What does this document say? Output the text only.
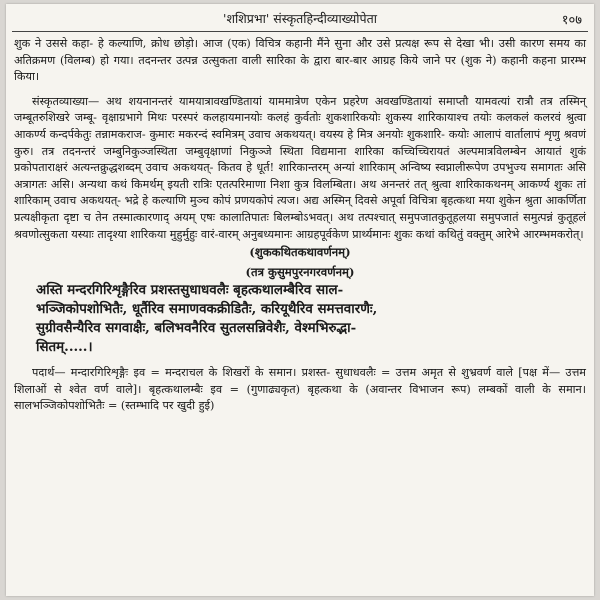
'शशिप्रभा' संस्कृतहिन्दीव्याख्योपेता	१०७

शुक ने उससे कहा- हे कल्याणि, क्रोध छोड़ो। आज (एक) विचित्र कहानी मैंने सुना और उसे प्रत्यक्ष रूप से देखा भी। उसी कारण समय का अतिक्रमण (विलम्ब) हो गया। तदनन्तर उत्पन्न उत्सुकता वाली सारिका के द्वारा बार-बार आग्रह किये जाने पर (शुक ने) कहानी कहना प्रारम्भ किया।

संस्कृतव्याख्या— अथ शयनानन्तरं यामयात्रावखण्डितायां याममात्रेण एकेन प्रहरेण अवखण्डितायां समाप्तौ यामवत्यां रात्रौ तत्र तस्मिन् जम्बूतरुशिखरे जम्बू- वृक्षाग्रभागे मिथः परस्परं कलहायमानयोः कलहं कुर्वतोः शुकशारिकयोः शुकस्य शारिकायाश्च तयोः कलकलं कलरवं श्रुत्वा आकर्ण्य कन्दर्पकेतुः तन्नामकराज- कुमारः मकरन्दं स्वमित्रम् उवाच अकथयत्। वयस्य हे मित्र अनयोः शुकशारि- कयोः आलापं वार्तालापं शृणु श्रवणं कुरु। तत्र तदनन्तरं जम्बुनिकुञ्जस्थिता जम्बुवृक्षाणां निकुञ्जे स्थिता विद्यमाना शारिका कच्चिच्चिरायतं अल्पमात्रविलम्बेन आयातं शुकं प्रकोपताराक्षरं अत्यन्तक्रुद्धशब्दम् उवाच अकथयत्- कितव हे धूर्त! शारिकान्तरम् अन्यां शारिकाम् अन्विष्य स्वप्नालीरूपेण उपभुज्य समागतः असि अत्रागतः असि। अन्यथा कथं किमर्थम् इयती रात्रिः एतत्परिमाणा निशा कुत्र विलम्बिता। अथ अनन्तरं तत् श्रुत्वा शारिकाकथनम् आकर्ण्य शुकः तां शारिकाम् उवाच अकथयत्- भद्रे हे कल्याणि मुञ्च कोपं प्रणयकोपं त्यज। अद्य अस्मिन् दिवसे अपूर्वा विचित्रा बृहत्कथा मया शुकेन श्रुता आकर्णिता प्रत्यक्षीकृता दृष्टा च तेन तस्मात्कारणाद् अयम् एषः कालातिपातः बिलम्बोऽभवत्। अथ तत्पश्चात् समुपजातकुतूहलया समुपजातं समुत्पन्नं कुतूहलं श्रवणोत्सुकता यस्याः तादृश्या शारिकया मुहुर्मुहुः वारं-वारम् अनुबध्यमानः आग्रहपूर्वकेण प्रार्थ्यमानः शुकः कथां कथितुं वक्तुम् आरेभे आरम्भमकरोत्।

(शुककथितकथावर्णनम्)

(तत्र कुसुमपुरनगरवर्णनम्)

अस्ति मन्दरगिरिशृङ्गैरिव प्रशस्तसुधाधवलैः बृहत्कथालम्बैरिव साल-
भञ्जिकोपशोभितैः, धूर्तैरिव समाणवकक्रीडितैः, करियूथैरिव समत्तवारणैः,
सुग्रीवसैन्यैरिव सगवाक्षैः, बलिभवनैरिव सुतलसन्निवेशैः, वेश्मभिरुद्भा-
सितम्.....।

पदार्थ— मन्दारगिरिशृङ्गैः इव = मन्दराचल के शिखरों के समान। प्रशस्त- सुधाधवलैः = उत्तम अमृत से शुभ्रवर्ण वाले [पक्ष में— उत्तम शिलाओं से श्वेत वर्ण वाले]। बृहत्कथालम्बैः इव = (गुणाढ्यकृत) बृहत्कथा के (अवान्तर विभाजन रूप) लम्बकों वाली के समान। सालभञ्जिकोपशोभितैः = (स्तम्भादि पर खुदी हुई)
